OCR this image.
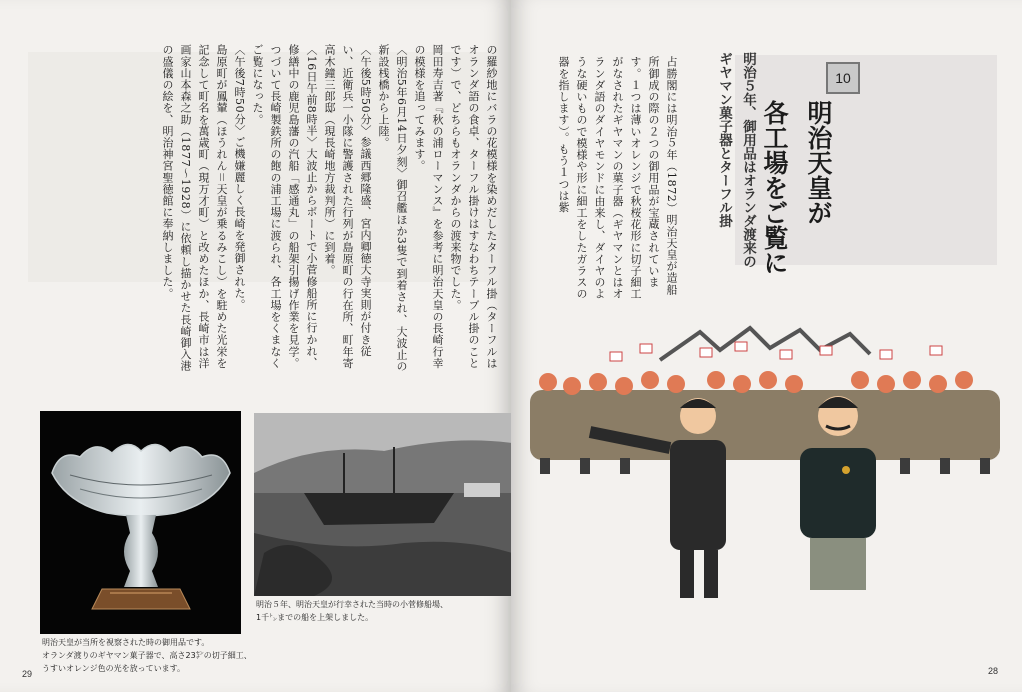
の羅紗地にバラの花模様を染めだしたターフル掛（ターフルはオランダ語の食卓、ターフル掛けはすなわちテーブル掛のことです）で、どちらもオランダからの渡来物でした。
岡田寿吉著『秋の浦ローマンス』を参考に明治天皇の長崎行幸の模様を追ってみます。
〈明治5年6月14日夕刻〉御召艦ほか3隻で到着され、大波止の新設桟橋から上陸。
〈午後5時50分〉参議西郷隆盛、宮内卿徳大寺実則が付き従い、近衛兵一小隊に警護された行列が島原町の行在所、町年寄高木鐘三郎邸（現長崎地方裁判所）に到着。
〈16日午前8時半〉大波止からボートで小菅修船所に行かれ、修繕中の鹿児島藩の汽船「感通丸」の船架引揚げ作業を見学。つづいて長崎製鉄所の飽の浦工場に渡られ、各工場をくまなくご覧になった。
〈午後7時50分〉ご機嫌麗しく長崎を発御された。
島原町が鳳輦（ほうれん＝天皇が乗るみこし）を駐めた光栄を記念して町名を萬歳町（現万才町）と改めたほか、長崎市は洋画家山本森之助（1877〜1928）に依頼し描かせた長崎御入港の盛儀の絵を、明治神宮聖徳館に奉納しました。
明治天皇が当所を視察された時の御用品です。
オランダ渡りのギヤマン菓子器で、高さ23㌢の切子細工、
うすいオレンジ色の光を放っています。
明治５年、明治天皇が行幸された当時の小菅修船場、
1千㌧までの船を上架しました。
29
10
明治天皇が
各工場をご覧に
明治５年、御用品はオランダ渡来の
ギヤマン菓子器とターフル掛
占勝閣には明治５年（1872）明治天皇が造船所御成の際の２つの御用品が宝蔵されています。１つは薄いオレンジで秋桜花形に切子細工がなされたギヤマンの菓子器（ギヤマンとはオランダ語のダイヤモンドに由来し、ダイヤのような硬いもので模様や形に細工をしたガラスの器を指します）。もう１つは紫
28
